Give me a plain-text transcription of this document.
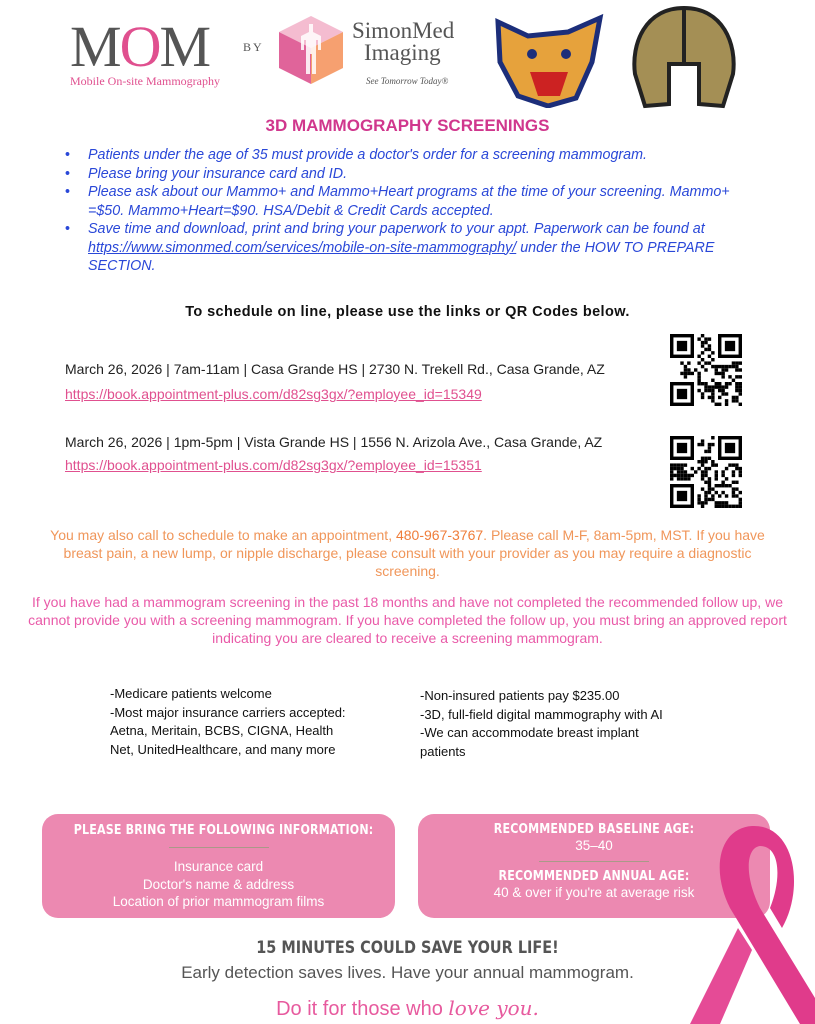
MOM
Mobile On-site Mammography
BY
SimonMed
Imaging
See Tomorrow Today®
3D MAMMOGRAPHY SCREENINGS
• Patients under the age of 35 must provide a doctor's order for a screening mammogram.
• Please bring your insurance card and ID.
• Please ask about our Mammo+ and Mammo+Heart programs at the time of your screening. Mammo+ =$50. Mammo+Heart=$90. HSA/Debit & Credit Cards accepted.
• Save time and download, print and bring your paperwork to your appt. Paperwork can be found at https://www.simonmed.com/services/mobile-on-site-mammography/ under the HOW TO PREPARE SECTION.
To schedule on line, please use the links or QR Codes below.
March 26, 2026 | 7am-11am | Casa Grande HS | 2730 N. Trekell Rd., Casa Grande, AZ
https://book.appointment-plus.com/d82sg3gx/?employee_id=15349
March 26, 2026 | 1pm-5pm | Vista Grande HS | 1556 N. Arizola Ave., Casa Grande, AZ
https://book.appointment-plus.com/d82sg3gx/?employee_id=15351
You may also call to schedule to make an appointment, 480-967-3767. Please call M-F, 8am-5pm, MST. If you have breast pain, a new lump, or nipple discharge, please consult with your provider as you may require a diagnostic screening.
If you have had a mammogram screening in the past 18 months and have not completed the recommended follow up, we cannot provide you with a screening mammogram. If you have completed the follow up, you must bring an approved report indicating you are cleared to receive a screening mammogram.
-Medicare patients welcome
-Most major insurance carriers accepted: Aetna, Meritain, BCBS, CIGNA, Health Net, UnitedHealthcare, and many more
-Non-insured patients pay $235.00
-3D, full-field digital mammography with AI
-We can accommodate breast implant patients
PLEASE BRING THE FOLLOWING INFORMATION:
Insurance card
Doctor's name & address
Location of prior mammogram films
RECOMMENDED BASELINE AGE:
35–40
RECOMMENDED ANNUAL AGE:
40 & over if you're at average risk
15 MINUTES COULD SAVE YOUR LIFE!
Early detection saves lives. Have your annual mammogram.
Do it for those who love you.
